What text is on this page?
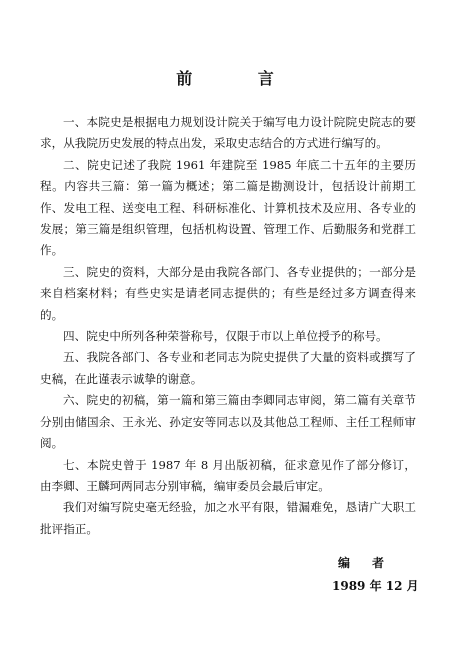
前 言

一、本院史是根据电力规划设计院关于编写电力设计院院史院志的要求，从我院历史发展的特点出发，采取史志结合的方式进行编写的。

二、院史记述了我院 1961 年建院至 1985 年底二十五年的主要历程。内容共三篇：第一篇为概述；第二篇是勘测设计，包括设计前期工作、发电工程、送变电工程、科研标准化、计算机技术及应用、各专业的发展；第三篇是组织管理，包括机构设置、管理工作、后勤服务和党群工作。

三、院史的资料，大部分是由我院各部门、各专业提供的；一部分是来自档案材料；有些史实是请老同志提供的；有些是经过多方调查得来的。

四、院史中所列各种荣誉称号，仅限于市以上单位授予的称号。

五、我院各部门、各专业和老同志为院史提供了大量的资料或撰写了史稿，在此谨表示诚挚的谢意。

六、院史的初稿，第一篇和第三篇由李卿同志审阅，第二篇有关章节分别由储国余、王永光、孙定安等同志以及其他总工程师、主任工程师审阅。

七、本院史曾于 1987 年 8 月出版初稿，征求意见作了部分修订，由李卿、王麟珂两同志分别审稿，编审委员会最后审定。

我们对编写院史毫无经验，加之水平有限，错漏难免，恳请广大职工批评指正。

编者
1989 年 12 月
